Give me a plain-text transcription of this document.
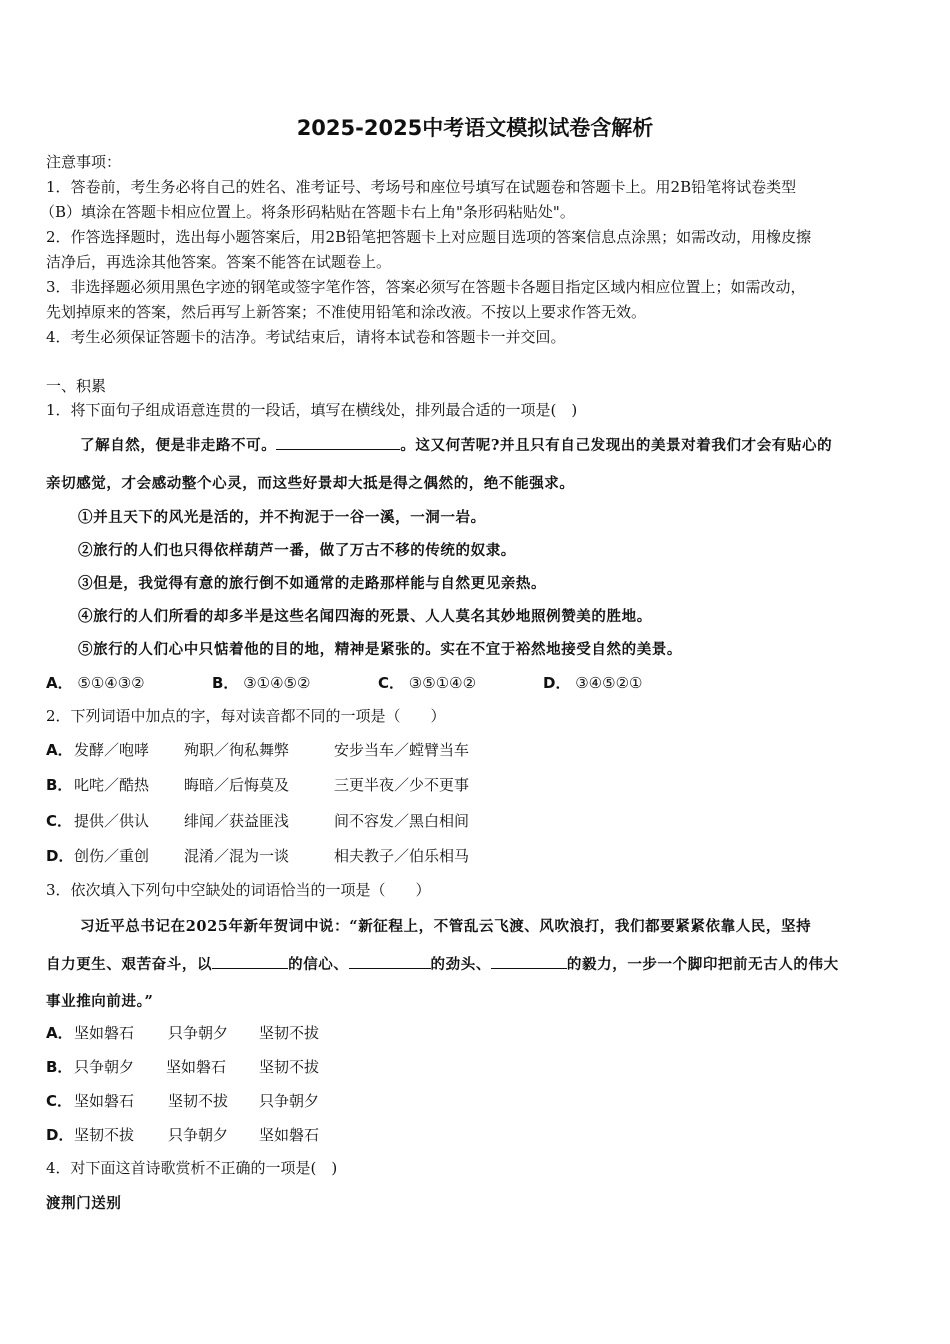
2025-2025中考语文模拟试卷含解析
注意事项：
1．答卷前，考生务必将自己的姓名、准考证号、考场号和座位号填写在试题卷和答题卡上。用2B铅笔将试卷类型
（B）填涂在答题卡相应位置上。将条形码粘贴在答题卡右上角"条形码粘贴处"。
2．作答选择题时，选出每小题答案后，用2B铅笔把答题卡上对应题目选项的答案信息点涂黑；如需改动，用橡皮擦
洁净后，再选涂其他答案。答案不能答在试题卷上。
3．非选择题必须用黑色字迹的钢笔或签字笔作答，答案必须写在答题卡各题目指定区域内相应位置上；如需改动，
先划掉原来的答案，然后再写上新答案；不准使用铅笔和涂改液。不按以上要求作答无效。
4．考生必须保证答题卡的洁净。考试结束后，请将本试卷和答题卡一并交回。
一、积累
1．将下面句子组成语意连贯的一段话，填写在横线处，排列最合适的一项是(　)
了解自然，便是非走路不可。	。这又何苦呢?并且只有自己发现出的美景对着我们才会有贴心的
亲切感觉，才会感动整个心灵，而这些好景却大抵是得之偶然的，绝不能强求。
①并且天下的风光是活的，并不拘泥于一谷一溪，一洞一岩。
②旅行的人们也只得依样葫芦一番，做了万古不移的传统的奴隶。
③但是，我觉得有意的旅行倒不如通常的走路那样能与自然更见亲热。
④旅行的人们所看的却多半是这些名闻四海的死景、人人莫名其妙地照例赞美的胜地。
⑤旅行的人们心中只惦着他的目的地，精神是紧张的。实在不宜于裕然地接受自然的美景。
A． ⑤①④③②	B． ③①④⑤②	C． ③⑤①④②	D． ③④⑤②①
2．下列词语中加点的字，每对读音都不同的一项是（　　）
A． 发酵／咆哮 殉职／徇私舞弊	安步当车／螳臂当车
B． 叱咤／酷热 晦暗／后悔莫及	三更半夜／少不更事
C． 提供／供认 绯闻／获益匪浅	间不容发／黑白相间
D． 创伤／重创 混淆／混为一谈	相夫教子／伯乐相马
3．依次填入下列句中空缺处的词语恰当的一项是（　　）
习近平总书记在2025年新年贺词中说：“新征程上，不管乱云飞渡、风吹浪打，我们都要紧紧依靠人民，坚持
自力更生、艰苦奋斗，以	的信心、	的劲头、	的毅力，一步一个脚印把前无古人的伟大
事业推向前进。”
A． 坚如磐石 只争朝夕 坚韧不拔
B． 只争朝夕 坚如磐石 坚韧不拔
C． 坚如磐石 坚韧不拔 只争朝夕
D． 坚韧不拔 只争朝夕 坚如磐石
4．对下面这首诗歌赏析不正确的一项是(　)
渡荆门送别
